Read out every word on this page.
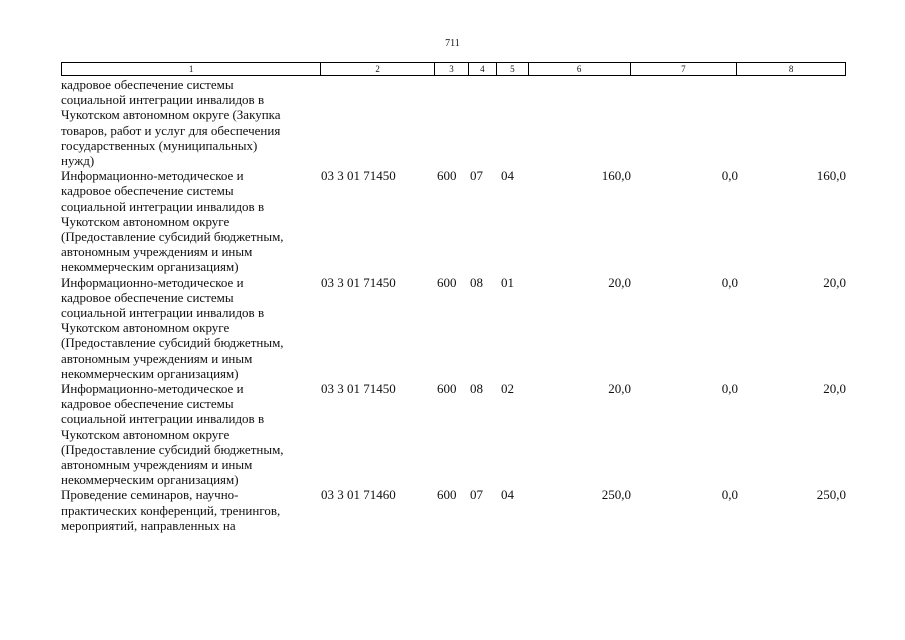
711
1	2	3	4	5	6	7	8
кадровое обеспечение системы
социальной интеграции инвалидов в
Чукотском автономном округе (Закупка
товаров, работ и услуг для обеспечения
государственных (муниципальных)
нужд)
Информационно-методическое и
кадровое обеспечение системы
социальной интеграции инвалидов в
Чукотском автономном округе
(Предоставление субсидий бюджетным,
автономным учреждениям и иным
некоммерческим организациям)
03 3 01 71450	600 07 04	160,0	0,0	160,0
Информационно-методическое и
кадровое обеспечение системы
социальной интеграции инвалидов в
Чукотском автономном округе
(Предоставление субсидий бюджетным,
автономным учреждениям и иным
некоммерческим организациям)
03 3 01 71450	600 08 01	20,0	0,0	20,0
Информационно-методическое и
кадровое обеспечение системы
социальной интеграции инвалидов в
Чукотском автономном округе
(Предоставление субсидий бюджетным,
автономным учреждениям и иным
некоммерческим организациям)
03 3 01 71450	600 08 02	20,0	0,0	20,0
Проведение семинаров, научно-
практических конференций, тренингов,
мероприятий, направленных на
03 3 01 71460	600 07 04	250,0	0,0	250,0
